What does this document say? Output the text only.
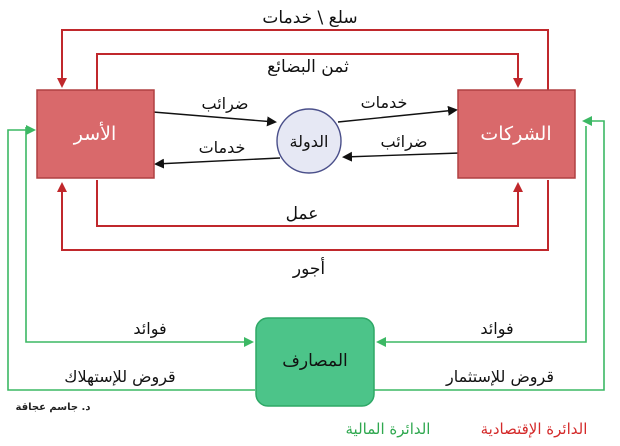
الأسر	الشركات
الدولة
المصارف
سلع \ خدمات
ثمن البضائع
ضرائب	خدمات
ضرائب
خدمات
عمل
أجور
فوائد	فوائد
قروض للإستهلاك	قروض للإستثمار
د. جاسم عجاقة
الدائرة الإقتصادية
الدائرة المالية
